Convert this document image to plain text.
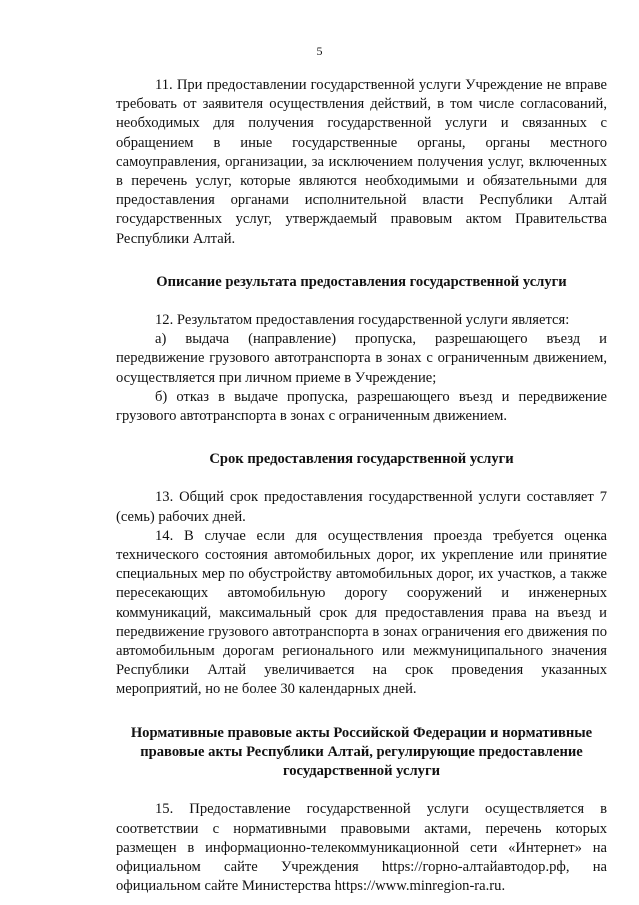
5

11. При предоставлении государственной услуги Учреждение не вправе требовать от заявителя осуществления действий, в том числе согласований, необходимых для получения государственной услуги и связанных с обращением в иные государственные органы, органы местного самоуправления, организации, за исключением получения услуг, включенных в перечень услуг, которые являются необходимыми и обязательными для предоставления органами исполнительной власти Республики Алтай государственных услуг, утверждаемый правовым актом Правительства Республики Алтай.

Описание результата предоставления государственной услуги

12. Результатом предоставления государственной услуги является:

а) выдача (направление) пропуска, разрешающего въезд и передвижение грузового автотранспорта в зонах с ограниченным движением, осуществляется при личном приеме в Учреждение;

б) отказ в выдаче пропуска, разрешающего въезд и передвижение грузового автотранспорта в зонах с ограниченным движением.

Срок предоставления государственной услуги

13. Общий срок предоставления государственной услуги составляет 7 (семь) рабочих дней.

14. В случае если для осуществления проезда требуется оценка технического состояния автомобильных дорог, их укрепление или принятие специальных мер по обустройству автомобильных дорог, их участков, а также пересекающих автомобильную дорогу сооружений и инженерных коммуникаций, максимальный срок для предоставления права на въезд и передвижение грузового автотранспорта в зонах ограничения его движения по автомобильным дорогам регионального или межмуниципального значения Республики Алтай увеличивается на срок проведения указанных мероприятий, но не более 30 календарных дней.

Нормативные правовые акты Российской Федерации и нормативные правовые акты Республики Алтай, регулирующие предоставление государственной услуги

15. Предоставление государственной услуги осуществляется в соответствии с нормативными правовыми актами, перечень которых размещен в информационно-телекоммуникационной сети «Интернет» на официальном сайте Учреждения https://горно-алтайавтодор.рф, на официальном сайте Министерства https://www.minregion-ra.ru.
